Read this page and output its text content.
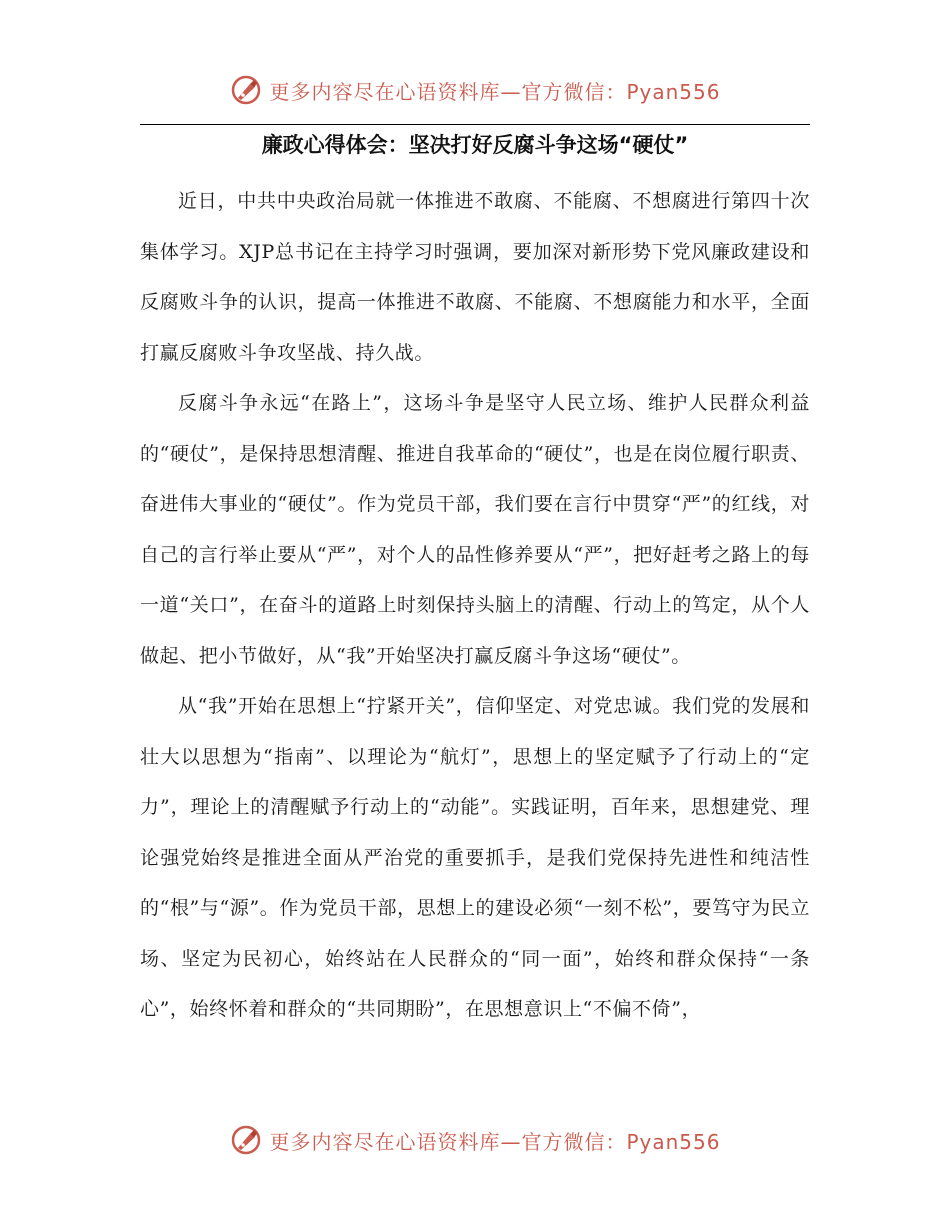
更多内容尽在心语资料库—官方微信：Pyan556
廉政心得体会：坚决打好反腐斗争这场“硬仗”

近日，中共中央政治局就一体推进不敢腐、不能腐、不想腐进行第四十次集体学习。XJP总书记在主持学习时强调，要加深对新形势下党风廉政建设和反腐败斗争的认识，提高一体推进不敢腐、不能腐、不想腐能力和水平，全面打赢反腐败斗争攻坚战、持久战。

反腐斗争永远“在路上”，这场斗争是坚守人民立场、维护人民群众利益的“硬仗”，是保持思想清醒、推进自我革命的“硬仗”，也是在岗位履行职责、奋进伟大事业的“硬仗”。作为党员干部，我们要在言行中贯穿“严”的红线，对自己的言行举止要从“严”，对个人的品性修养要从“严”，把好赶考之路上的每一道“关口”，在奋斗的道路上时刻保持头脑上的清醒、行动上的笃定，从个人做起、把小节做好，从“我”开始坚决打赢反腐斗争这场“硬仗”。

从“我”开始在思想上“拧紧开关”，信仰坚定、对党忠诚。我们党的发展和壮大以思想为“指南”、以理论为“航灯”，思想上的坚定赋予了行动上的“定力”，理论上的清醒赋予行动上的“动能”。实践证明，百年来，思想建党、理论强党始终是推进全面从严治党的重要抓手，是我们党保持先进性和纯洁性的“根”与“源”。作为党员干部，思想上的建设必须“一刻不松”，要笃守为民立场、坚定为民初心，始终站在人民群众的“同一面”，始终和群众保持“一条心”，始终怀着和群众的“共同期盼”，在思想意识上“不偏不倚”，

更多内容尽在心语资料库—官方微信：Pyan556
